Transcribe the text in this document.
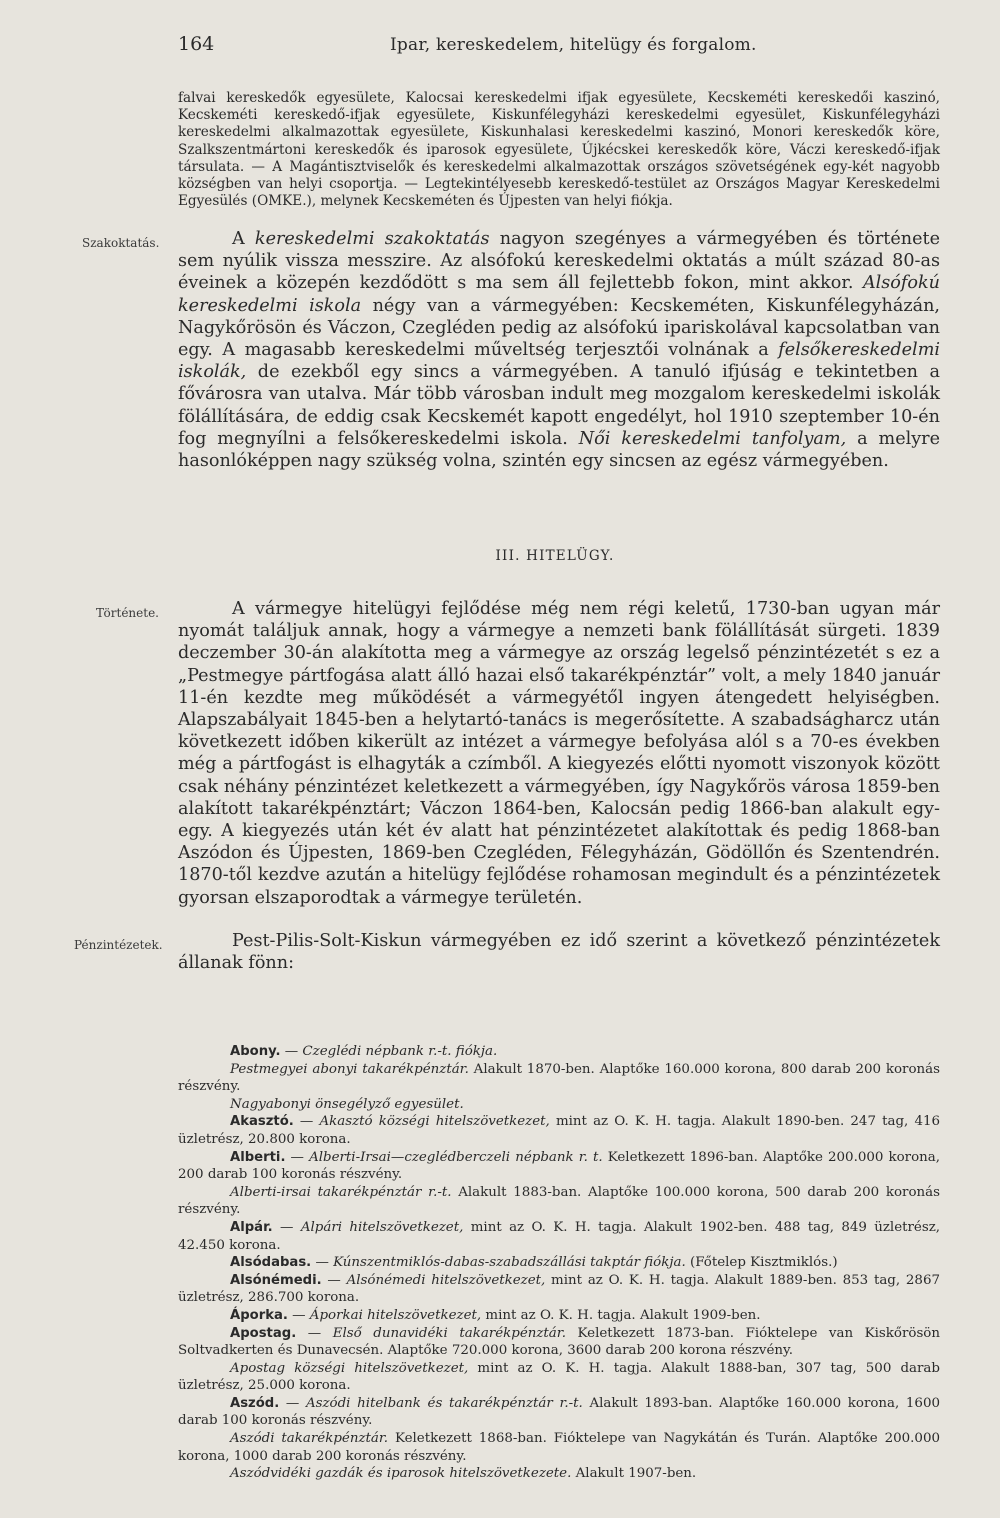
164	Ipar, kereskedelem, hitelügy és forgalom.
falvai kereskedők egyesülete, Kalocsai kereskedelmi ifjak egyesülete, Kecskeméti kereskedői kaszinó, Kecskeméti kereskedő-ifjak egyesülete, Kiskunfélegyházi kereskedelmi egyesület, Kiskunfélegyházi kereskedelmi alkalmazottak egyesülete, Kiskunhalasi kereskedelmi kaszinó, Monori kereskedők köre, Szalkszentmártoni kereskedők és iparosok egyesülete, Újkécskei kereskedők köre, Váczi kereskedő-ifjak társulata. — A Magántisztviselők és kereskedelmi alkalmazottak országos szövetségének egy-két nagyobb községben van helyi csoportja. — Legtekintélyesebb kereskedő-testület az Országos Magyar Kereskedelmi Egyesülés (OMKE.), melynek Kecskeméten és Újpesten van helyi fiókja.
Szakoktatás.	A kereskedelmi szakoktatás nagyon szegényes a vármegyében és története sem nyúlik vissza messzire. Az alsófokú kereskedelmi oktatás a múlt század 80-as éveinek a közepén kezdődött s ma sem áll fejlettebb fokon, mint akkor. Alsófokú kereskedelmi iskola négy van a vármegyében: Kecskeméten, Kiskunfélegyházán, Nagykőrösön és Váczon, Czegléden pedig az alsófokú ipariskolával kapcsolatban van egy. A magasabb kereskedelmi műveltség terjesztői volnának a felsőkereskedelmi iskolák, de ezekből egy sincs a vármegyében. A tanuló ifjúság e tekintetben a fővárosra van utalva. Már több városban indult meg mozgalom kereskedelmi iskolák fölállítására, de eddig csak Kecskemét kapott engedélyt, hol 1910 szeptember 10-én fog megnyílni a felsőkereskedelmi iskola. Női kereskedelmi tanfolyam, a melyre hasonlóképpen nagy szükség volna, szintén egy sincsen az egész vármegyében.
III. HITELÜGY.
Története.	A vármegye hitelügyi fejlődése még nem régi keletű, 1730-ban ugyan már nyomát találjuk annak, hogy a vármegye a nemzeti bank fölállítását sürgeti. 1839 deczember 30-án alakította meg a vármegye az ország legelső pénzintézetét s ez a „Pestmegye pártfogása alatt álló hazai első takarékpénztár” volt, a mely 1840 január 11-én kezdte meg működését a vármegyétől ingyen átengedett helyiségben. Alapszabályait 1845-ben a helytartó-tanács is megerősítette. A szabadságharcz után következett időben kikerült az intézet a vármegye befolyása alól s a 70-es években még a pártfogást is elhagyták a czímből. A kiegyezés előtti nyomott viszonyok között csak néhány pénzintézet keletkezett a vármegyében, így Nagykőrös városa 1859-ben alakított takarékpénztárt; Váczon 1864-ben, Kalocsán pedig 1866-ban alakult egy-egy. A kiegyezés után két év alatt hat pénzintézetet alakítottak és pedig 1868-ban Aszódon és Újpesten, 1869-ben Czegléden, Félegyházán, Gödöllőn és Szentendrén. 1870-től kezdve azután a hitelügy fejlődése rohamosan megindult és a pénzintézetek gyorsan elszaporodtak a vármegye területén.
Pénzintézetek.	Pest-Pilis-Solt-Kiskun vármegyében ez idő szerint a következő pénzintézetek állanak fönn:
Abony. — Czeglédi népbank r.-t. fiókja.
Pestmegyei abonyi takarékpénztár. Alakult 1870-ben. Alaptőke 160.000 korona, 800 darab 200 koronás részvény.
Nagyabonyi önsegélyző egyesület.
Akasztó. — Akasztó községi hitelszövetkezet, mint az O. K. H. tagja. Alakult 1890-ben. 247 tag, 416 üzletrész, 20.800 korona.
Alberti. — Alberti-Irsai—czeglédberczeli népbank r. t. Keletkezett 1896-ban. Alaptőke 200.000 korona, 200 darab 100 koronás részvény.
Alberti-irsai takarékpénztár r.-t. Alakult 1883-ban. Alaptőke 100.000 korona, 500 darab 200 koronás részvény.
Alpár. — Alpári hitelszövetkezet, mint az O. K. H. tagja. Alakult 1902-ben. 488 tag, 849 üzletrész, 42.450 korona.
Alsódabas. — Kúnszentmiklós-dabas-szabadszállási takptár fiókja. (Főtelep Kisztmiklós.)
Alsónémedi. — Alsónémedi hitelszövetkezet, mint az O. K. H. tagja. Alakult 1889-ben. 853 tag, 2867 üzletrész, 286.700 korona.
Áporka. — Áporkai hitelszövetkezet, mint az O. K. H. tagja. Alakult 1909-ben.
Apostag. — Első dunavidéki takarékpénztár. Keletkezett 1873-ban. Fióktelepe van Kiskőrösön Soltvadkerten és Dunavecsén. Alaptőke 720.000 korona, 3600 darab 200 korona részvény.
Apostag községi hitelszövetkezet, mint az O. K. H. tagja. Alakult 1888-ban, 307 tag, 500 darab üzletrész, 25.000 korona.
Aszód. — Aszódi hitelbank és takarékpénztár r.-t. Alakult 1893-ban. Alaptőke 160.000 korona, 1600 darab 100 koronás részvény.
Aszódi takarékpénztár. Keletkezett 1868-ban. Fióktelepe van Nagykátán és Turán. Alaptőke 200.000 korona, 1000 darab 200 koronás részvény.
Aszódvidéki gazdák és iparosok hitelszövetkezete. Alakult 1907-ben.
